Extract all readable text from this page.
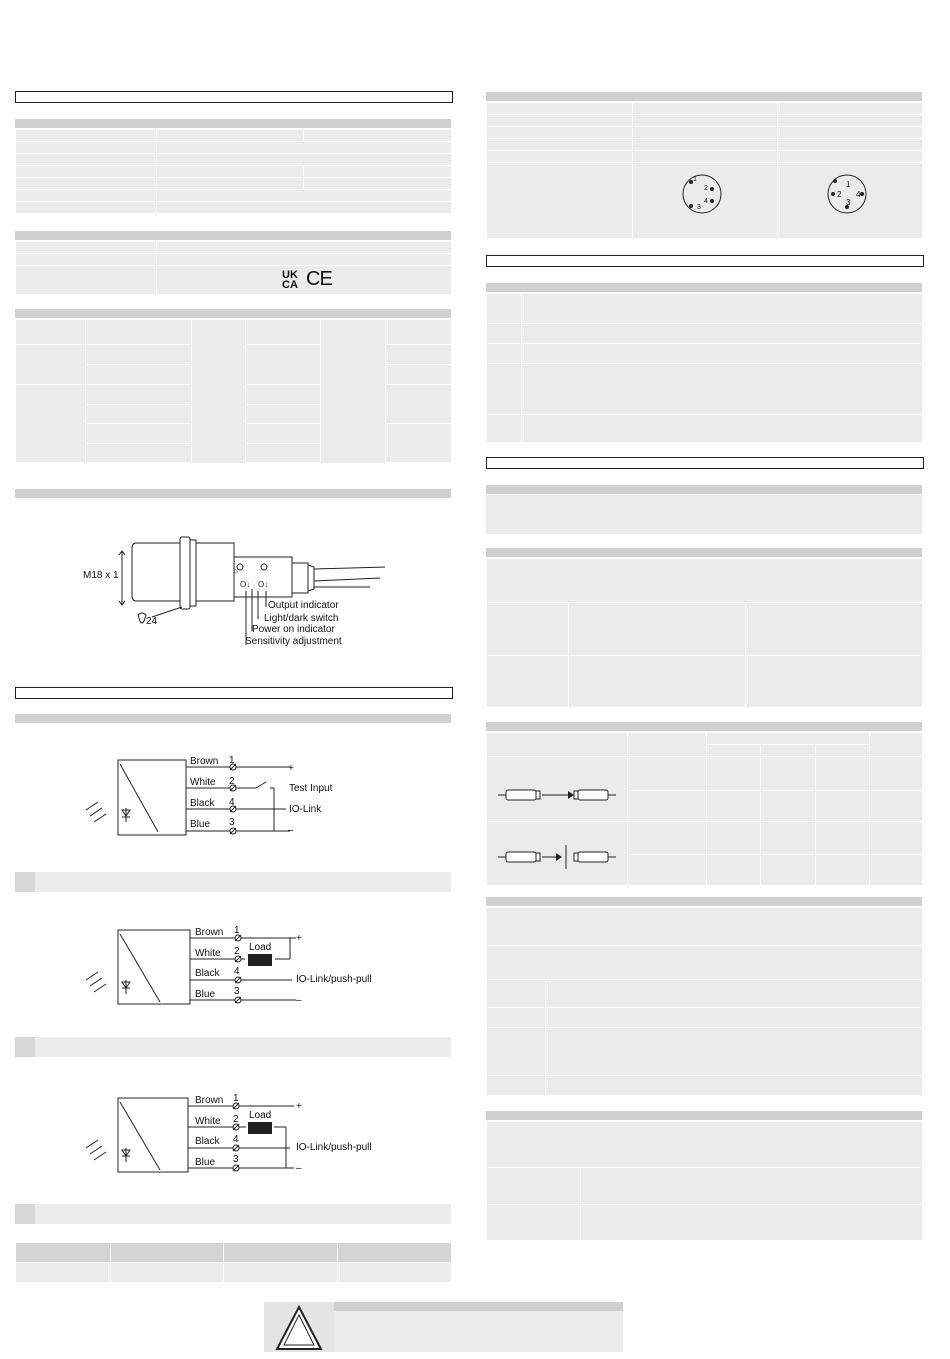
UK
CA CE

☼
O↓ O↓
M18 x 1
24
Output indicator
Light/dark switch
Power on indicator
Sensitivity adjustment
Brown
White
Black
Blue
1
2
4
3
+
–
Test Input
IO-Link
Brown
White
Black
Blue
1
2
4
3
Load
+
–
IO-Link/push-pull
Brown
White
Black
Blue
1
2
4
3
Load
+
–
IO-Link/push-pull

1
2
4
3
1
2 4
3
